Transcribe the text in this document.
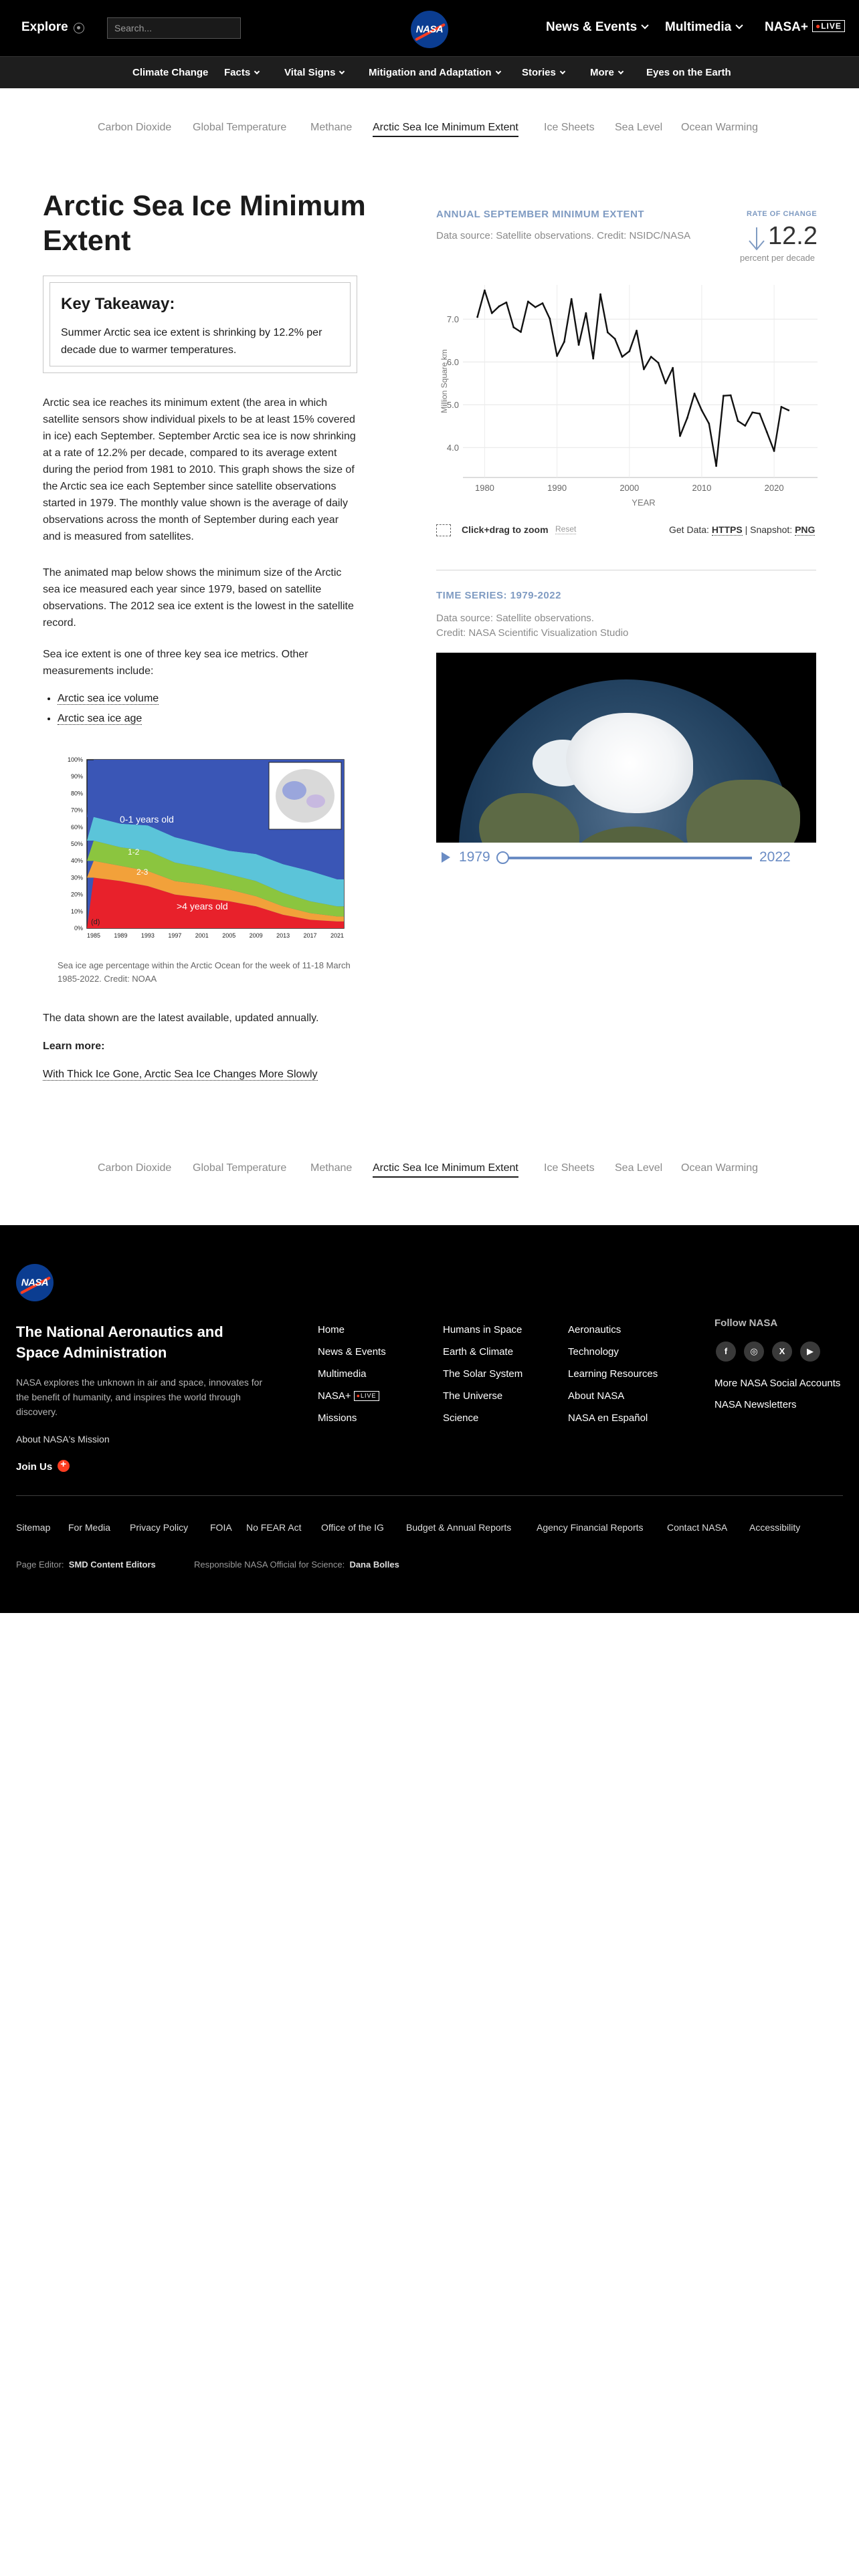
Explore
Search...	NASA	News & Events	Multimedia	NASA+ ●LIVE
Climate Change Facts	Vital Signs	Mitigation and Adaptation	Stories	More	Eyes on the Earth
Carbon Dioxide Global Temperature Methane Arctic Sea Ice Minimum Extent Ice Sheets Sea Level Ocean Warming
Arctic Sea Ice Minimum Extent
Key Takeaway:

Summer Arctic sea ice extent is shrinking by 12.2% per decade due to warmer temperatures.

Arctic sea ice reaches its minimum extent (the area in which satellite sensors show individual pixels to be at least 15% covered in ice) each September. September Arctic sea ice is now shrinking at a rate of 12.2% per decade, compared to its average extent during the period from 1981 to 2010. This graph shows the size of the Arctic sea ice each September since satellite observations started in 1979. The monthly value shown is the average of daily observations across the month of September during each year and is measured from satellites.

The animated map below shows the minimum size of the Arctic sea ice measured each year since 1979, based on satellite observations. The 2012 sea ice extent is the lowest in the satellite record.

Sea ice extent is one of three key sea ice metrics. Other measurements include:

• Arctic sea ice volume
• Arctic sea ice age
0%
10%
20%
30%
40%
50%
60%
70%
80%
90%
100%
1985 1989 1993 1997 2001 2005 2009 2013 2017 2021
0-1 years old
1-2
2-3
>4 years old
(d)

Sea ice age percentage within the Arctic Ocean for the week of 11-18 March 1985-2022. Credit: NOAA

The data shown are the latest available, updated annually.

Learn more:

With Thick Ice Gone, Arctic Sea Ice Changes More Slowly

ANNUAL SEPTEMBER MINIMUM EXTENT
Data source: Satellite observations. Credit: NSIDC/NASA
RATE OF CHANGE
12.2
percent per decade
4.0
5.0
6.0
7.0
1980	1990	2000	2010	2020
YEAR
Million Square km
Click+drag to zoom Reset	Get Data: HTTPS | Snapshot: PNG
TIME SERIES: 1979-2022
Data source: Satellite observations.
Credit: NASA Scientific Visualization Studio
1979	2022
Carbon Dioxide Global Temperature Methane Arctic Sea Ice Minimum Extent Ice Sheets Sea Level Ocean Warming
NASA
The National Aeronautics and Space Administration
NASA explores the unknown in air and space, innovates for the benefit of humanity, and inspires the world through discovery.
About NASA's Mission
Join Us+
Home
News & Events
Multimedia
NASA+ ●LIVE
Missions
Humans in Space
Earth & Climate
The Solar System
The Universe
Science
Aeronautics
Technology
Learning Resources
About NASA
NASA en Español
Follow NASA
f	◎	X	▶
More NASA Social Accounts
NASA Newsletters
Sitemap For Media Privacy Policy FOIA No FEAR Act Office of the IG Budget & Annual Reports	Agency Financial Reports	Contact NASA Accessibility
Page Editor: SMD Content Editors	Responsible NASA Official for Science: Dana Bolles
